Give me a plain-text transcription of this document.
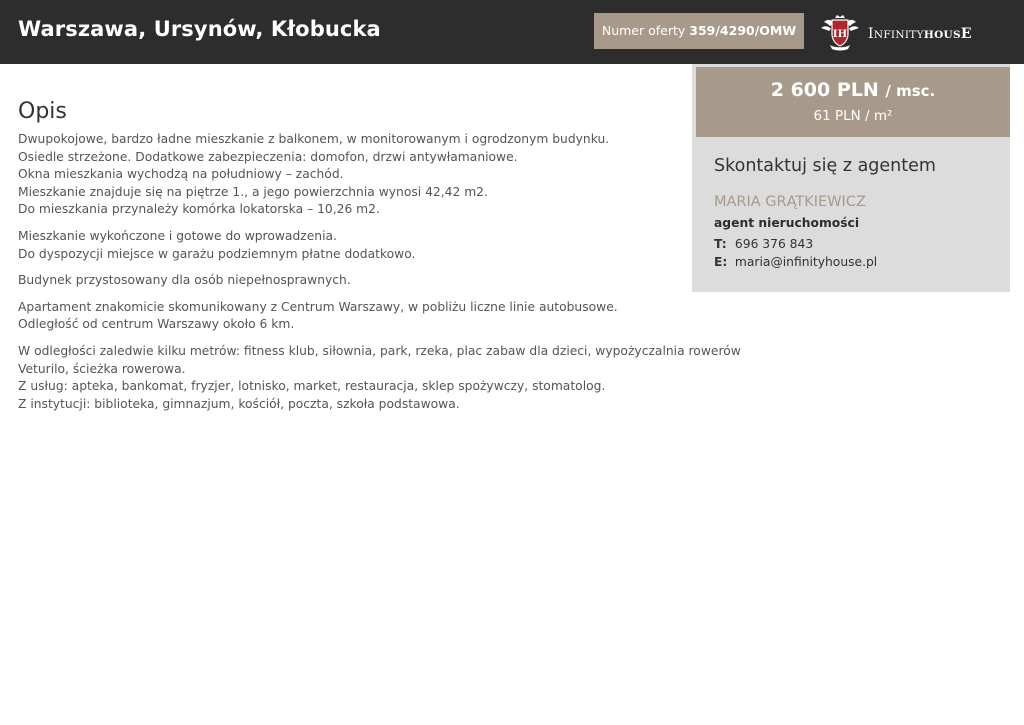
Warszawa, Ursynów, Kłobucka	Numer oferty 359/4290/OMW	IH INFINITYHOUSE
Opis

Dwupokojowe, bardzo ładne mieszkanie z balkonem, w monitorowanym i ogrodzonym budynku.
Osiedle strzeżone. Dodatkowe zabezpieczenia: domofon, drzwi antywłamaniowe.
Okna mieszkania wychodzą na południowy – zachód.
Mieszkanie znajduje się na piętrze 1., a jego powierzchnia wynosi 42,42 m2.
Do mieszkania przynależy komórka lokatorska – 10,26 m2.

Mieszkanie wykończone i gotowe do wprowadzenia.
Do dyspozycji miejsce w garażu podziemnym płatne dodatkowo.

Budynek przystosowany dla osób niepełnosprawnych.

Apartament znakomicie skomunikowany z Centrum Warszawy, w pobliżu liczne linie autobusowe.
Odległość od centrum Warszawy około 6 km.

W odległości zaledwie kilku metrów: fitness klub, siłownia, park, rzeka, plac zabaw dla dzieci, wypożyczalnia rowerów
Veturilo, ścieżka rowerowa.
Z usług: apteka, bankomat, fryzjer, lotnisko, market, restauracja, sklep spożywczy, stomatolog.
Z instytucji: biblioteka, gimnazjum, kościół, poczta, szkoła podstawowa.

2 600 PLN / msc.
61 PLN / m²
Skontaktuj się z agentem
MARIA GRĄTKIEWICZ
agent nieruchomości
T: 696 376 843
E: maria@infinityhouse.pl
